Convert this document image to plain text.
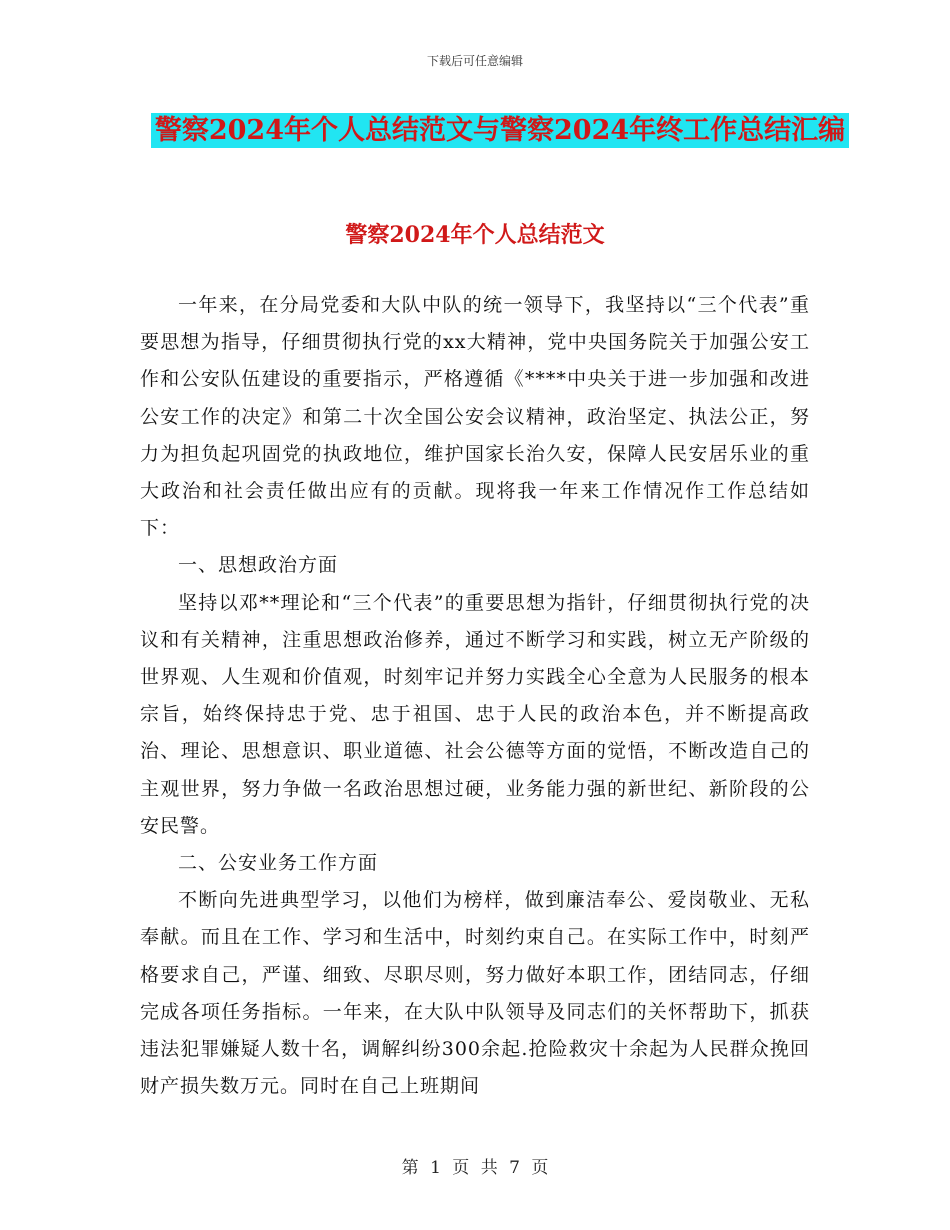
下载后可任意编辑
警察2024年个人总结范文与警察2024年终工作总结汇编
警察2024年个人总结范文

一年来，在分局党委和大队中队的统一领导下，我坚持以“三个代表”重要思想为指导，仔细贯彻执行党的xx大精神，党中央国务院关于加强公安工作和公安队伍建设的重要指示，严格遵循《****中央关于进一步加强和改进公安工作的决定》和第二十次全国公安会议精神，政治坚定、执法公正，努力为担负起巩固党的执政地位，维护国家长治久安，保障人民安居乐业的重大政治和社会责任做出应有的贡献。现将我一年来工作情况作工作总结如下：

一、思想政治方面

坚持以邓**理论和“三个代表”的重要思想为指针，仔细贯彻执行党的决议和有关精神，注重思想政治修养，通过不断学习和实践，树立无产阶级的世界观、人生观和价值观，时刻牢记并努力实践全心全意为人民服务的根本宗旨，始终保持忠于党、忠于祖国、忠于人民的政治本色，并不断提高政治、理论、思想意识、职业道德、社会公德等方面的觉悟，不断改造自己的主观世界，努力争做一名政治思想过硬，业务能力强的新世纪、新阶段的公安民警。

二、公安业务工作方面

不断向先进典型学习，以他们为榜样，做到廉洁奉公、爱岗敬业、无私奉献。而且在工作、学习和生活中，时刻约束自己。在实际工作中，时刻严格要求自己，严谨、细致、尽职尽则，努力做好本职工作，团结同志，仔细完成各项任务指标。一年来，在大队中队领导及同志们的关怀帮助下，抓获违法犯罪嫌疑人数十名，调解纠纷300余起.抢险救灾十余起为人民群众挽回财产损失数万元。同时在自己上班期间

第 1 页 共 7 页
